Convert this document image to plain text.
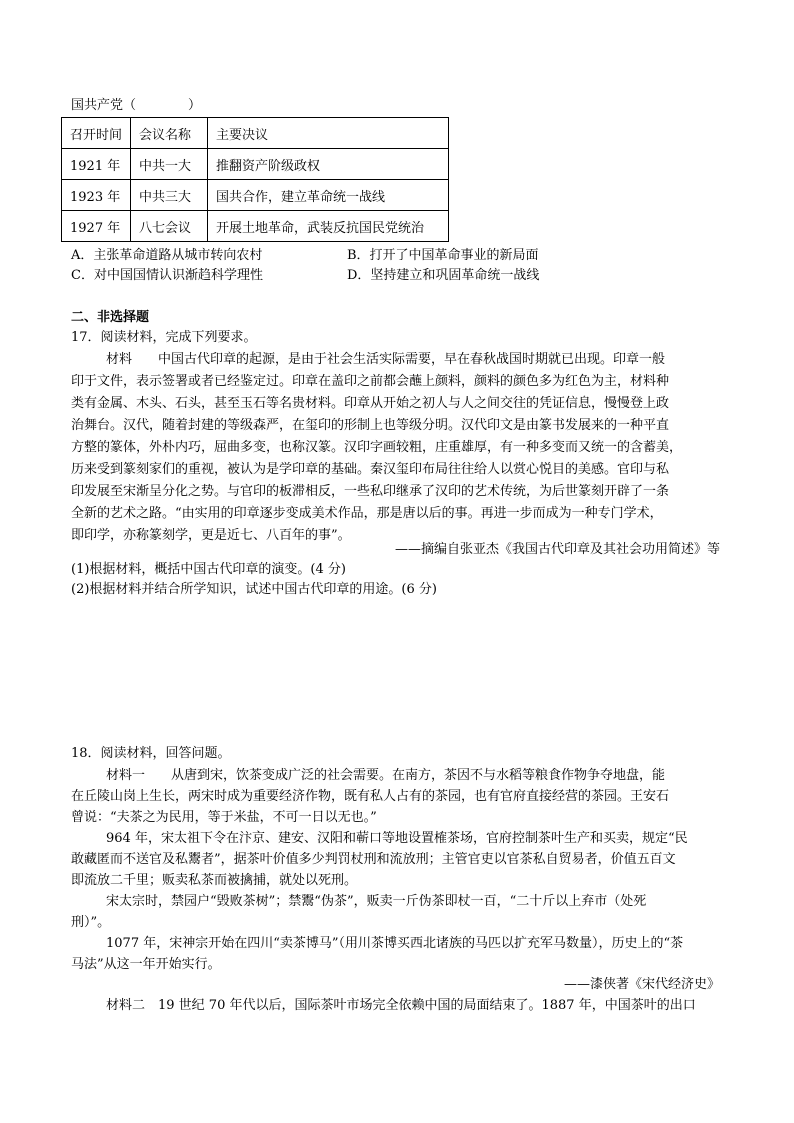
国共产党（　　　　）
召开时间	会议名称	主要决议
1921 年	中共一大	推翻资产阶级政权
1923 年	中共三大	国共合作，建立革命统一战线
1927 年	八七会议	开展土地革命，武装反抗国民党统治
A．主张革命道路从城市转向农村	B．打开了中国革命事业的新局面
C．对中国国情认识渐趋科学理性	D．坚持建立和巩固革命统一战线
二、非选择题
17．阅读材料，完成下列要求。
材料　　中国古代印章的起源，是由于社会生活实际需要，早在春秋战国时期就已出现。印章一般
印于文件，表示签署或者已经鉴定过。印章在盖印之前都会蘸上颜料，颜料的颜色多为红色为主，材料种
类有金属、木头、石头，甚至玉石等名贵材料。印章从开始之初人与人之间交往的凭证信息，慢慢登上政
治舞台。汉代，随着封建的等级森严，在玺印的形制上也等级分明。汉代印文是由篆书发展来的一种平直
方整的篆体，外朴内巧，屈曲多变，也称汉篆。汉印字画较粗，庄重雄厚，有一种多变而又统一的含蓄美，
历来受到篆刻家们的重视，被认为是学印章的基础。秦汉玺印布局往往给人以赏心悦目的美感。官印与私
印发展至宋渐呈分化之势。与官印的板滞相反，一些私印继承了汉印的艺术传统，为后世篆刻开辟了一条
全新的艺术之路。“由实用的印章逐步变成美术作品，那是唐以后的事。再进一步而成为一种专门学术，
即印学，亦称篆刻学，更是近七、八百年的事”。
——摘编自张亚杰《我国古代印章及其社会功用简述》等
(1)根据材料，概括中国古代印章的演变。(4 分)
(2)根据材料并结合所学知识，试述中国古代印章的用途。(6 分)
18．阅读材料，回答问题。
材料一　　从唐到宋，饮茶变成广泛的社会需要。在南方，茶因不与水稻等粮食作物争夺地盘，能
在丘陵山岗上生长，两宋时成为重要经济作物，既有私人占有的茶园，也有官府直接经营的茶园。王安石
曾说：“夫茶之为民用，等于米盐，不可一日以无也。”
964 年，宋太祖下令在汴京、建安、汉阳和蕲口等地设置榷茶场，官府控制茶叶生产和买卖，规定“民
敢藏匿而不送官及私鬻者”，据茶叶价值多少判罚杖刑和流放刑；主管官吏以官茶私自贸易者，价值五百文
即流放二千里；贩卖私茶而被擒捕，就处以死刑。
宋太宗时，禁园户“毁败茶树”；禁鬻“伪茶”，贩卖一斤伪茶即杖一百，“二十斤以上弃市（处死
刑）”。
1077 年，宋神宗开始在四川“卖茶博马”（用川茶博买西北诸族的马匹以扩充军马数量），历史上的“茶
马法”从这一年开始实行。
——漆侠著《宋代经济史》
材料二　19 世纪 70 年代以后，国际茶叶市场完全依赖中国的局面结束了。1887 年，中国茶叶的出口
